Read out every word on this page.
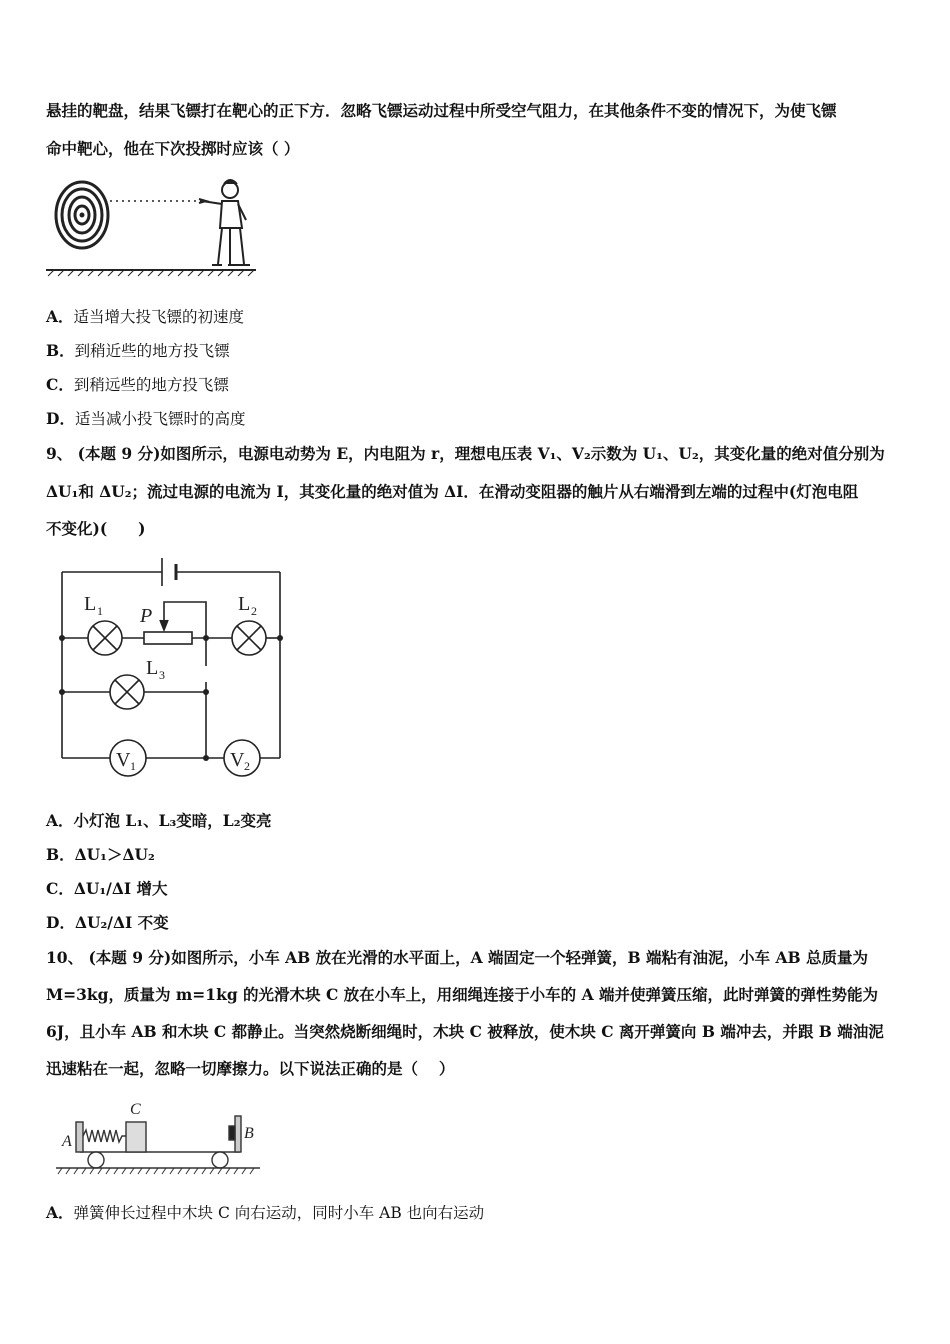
悬挂的靶盘，结果飞镖打在靶心的正下方．忽略飞镖运动过程中所受空气阻力，在其他条件不变的情况下，为使飞镖
命中靶心，他在下次投掷时应该（ ）
A．适当增大投飞镖的初速度
B．到稍近些的地方投飞镖
C．到稍远些的地方投飞镖
D．适当减小投飞镖时的高度
9、 (本题 9 分)如图所示，电源电动势为 E，内电阻为 r，理想电压表 V₁、V₂示数为 U₁、U₂，其变化量的绝对值分别为
ΔU₁和 ΔU₂；流过电源的电流为 I，其变化量的绝对值为 ΔI．在滑动变阻器的触片从右端滑到左端的过程中(灯泡电阻
不变化)(　　)
L 1	L 2
L 3
P
V 1	V 2
A．小灯泡 L₁、L₃变暗，L₂变亮
B．ΔU₁＞ΔU₂
C．ΔU₁/ΔI 增大
D．ΔU₂/ΔI 不变
10、 (本题 9 分)如图所示，小车 AB 放在光滑的水平面上，A 端固定一个轻弹簧，B 端粘有油泥，小车 AB 总质量为
M=3kg，质量为 m=1kg 的光滑木块 C 放在小车上，用细绳连接于小车的 A 端并使弹簧压缩，此时弹簧的弹性势能为
6J，且小车 AB 和木块 C 都静止。当突然烧断细绳时，木块 C 被释放，使木块 C 离开弹簧向 B 端冲去，并跟 B 端油泥
迅速粘在一起，忽略一切摩擦力。以下说法正确的是（　 ）
A
C
B
A．弹簧伸长过程中木块 C 向右运动，同时小车 AB 也向右运动
